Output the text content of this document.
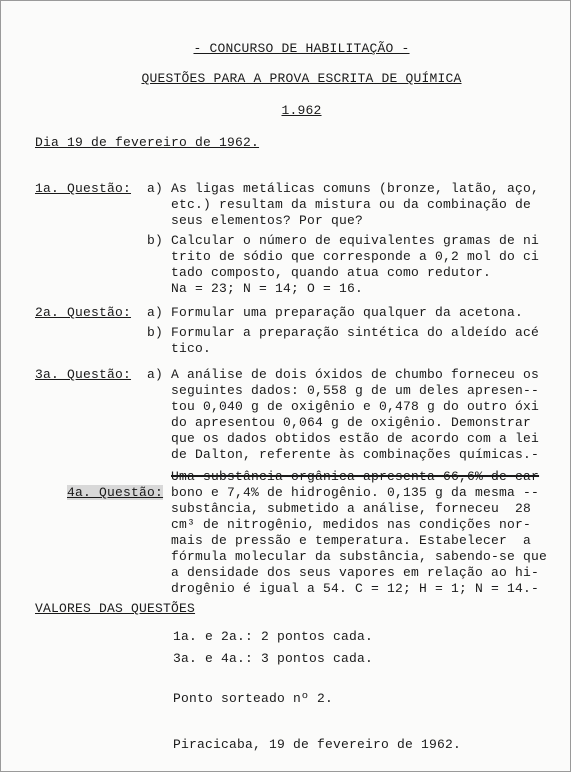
- CONCURSO DE HABILITAÇÃO -

QUESTÕES PARA A PROVA ESCRITA DE QUÍMICA

1.962

Dia 19 de fevereiro de 1962.
1a. Questão: a) As ligas metálicas comuns (bronze, latão, aço,
etc.) resultam da mistura ou da combinação de
seus elementos? Por que?
b) Calcular o número de equivalentes gramas de ni
trito de sódio que corresponde a 0,2 mol do ci
tado composto, quando atua como redutor.
Na = 23; N = 14; O = 16.
2a. Questão: a) Formular uma preparação qualquer da acetona.
b) Formular a preparação sintética do aldeído acé
tico.
3a. Questão: a) A análise de dois óxidos de chumbo forneceu os
seguintes dados: 0,558 g de um deles apresen--
tou 0,040 g de oxigênio e 0,478 g do outro óxi
do apresentou 0,064 g de oxigênio. Demonstrar
que os dados obtidos estão de acordo com a lei
de Dalton, referente às combinações químicas.-

4a. Questão:

Uma substância orgânica apresenta 66,6% de car
bono e 7,4% de hidrogênio. 0,135 g da mesma --
substância, submetido a análise, forneceu  28
cm³ de nitrogênio, medidos nas condições nor-
mais de pressão e temperatura. Estabelecer  a
fórmula molecular da substância, sabendo-se que
a densidade dos seus vapores em relação ao hi-
drogênio é igual a 54. C = 12; H = 1; N = 14.-
VALORES DAS QUESTÕES
1a. e 2a.: 2 pontos cada.
3a. e 4a.: 3 pontos cada.
Ponto sorteado nº 2.
Piracicaba, 19 de fevereiro de 1962.
